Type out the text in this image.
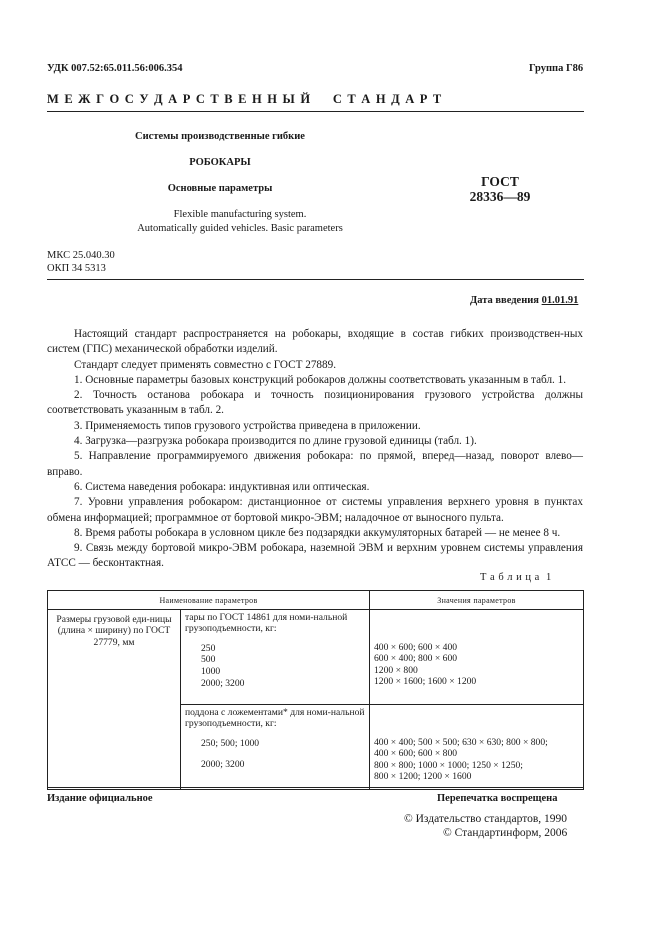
УДК 007.52:65.011.56:006.354	Группа Г86
М Е Ж Г О С У Д А Р С Т В Е Н Н Ы Й     С Т А Н Д А Р Т
Системы производственные гибкие
РОБОКАРЫ
Основные параметры
Flexible manufacturing system.
Automatically guided vehicles. Basic parameters
ГОСТ
28336—89
МКС 25.040.30
ОКП 34 5313
Дата введения 01.01.91

Настоящий стандарт распространяется на робокары, входящие в состав гибких производствен-ных систем (ГПС) механической обработки изделий.

Стандарт следует применять совместно с ГОСТ 27889.

1. Основные параметры базовых конструкций робокаров должны соответствовать указанным в табл. 1.

2. Точность останова робокара и точность позиционирования грузового устройства должны соответствовать указанным в табл. 2.

3. Применяемость типов грузового устройства приведена в приложении.

4. Загрузка—разгрузка робокара производится по длине грузовой единицы (табл. 1).

5. Направление программируемого движения робокара: по прямой, вперед—назад, поворот влево—вправо.

6. Система наведения робокара: индуктивная или оптическая.

7. Уровни управления робокаром: дистанционное от системы управления верхнего уровня в пунктах обмена информацией; программное от бортовой микро-ЭВМ; наладочное от выносного пульта.

8. Время работы робокара в условном цикле без подзарядки аккумуляторных батарей — не менее 8 ч.

9. Связь между бортовой микро-ЭВМ робокара, наземной ЭВМ и верхним уровнем системы управления АТСС — бесконтактная.

Т а б л и ц а  1
Наименование параметров		Значения параметров
Размеры грузовой еди-ницы (длина × ширину) по ГОСТ 27779, мм	тары по ГОСТ 14861 для номи-нальной грузоподъемности, кг:
250
500
1000
2000; 3200	400 × 600; 600 × 400
600 × 400; 800 × 600
1200 × 800
1200 × 1600; 1600 × 1200

	поддона с ложементами* для номи-нальной грузоподъемности, кг:
250; 500; 1000
2000; 3200	400 × 400; 500 × 500; 630 × 630; 800 × 800;
400 × 600; 600 × 800
800 × 800; 1000 × 1000; 1250 × 1250;
800 × 1200; 1200 × 1600
Издание официальное	Перепечатка воспрещена
© Издательство стандартов, 1990
© Стандартинформ, 2006
